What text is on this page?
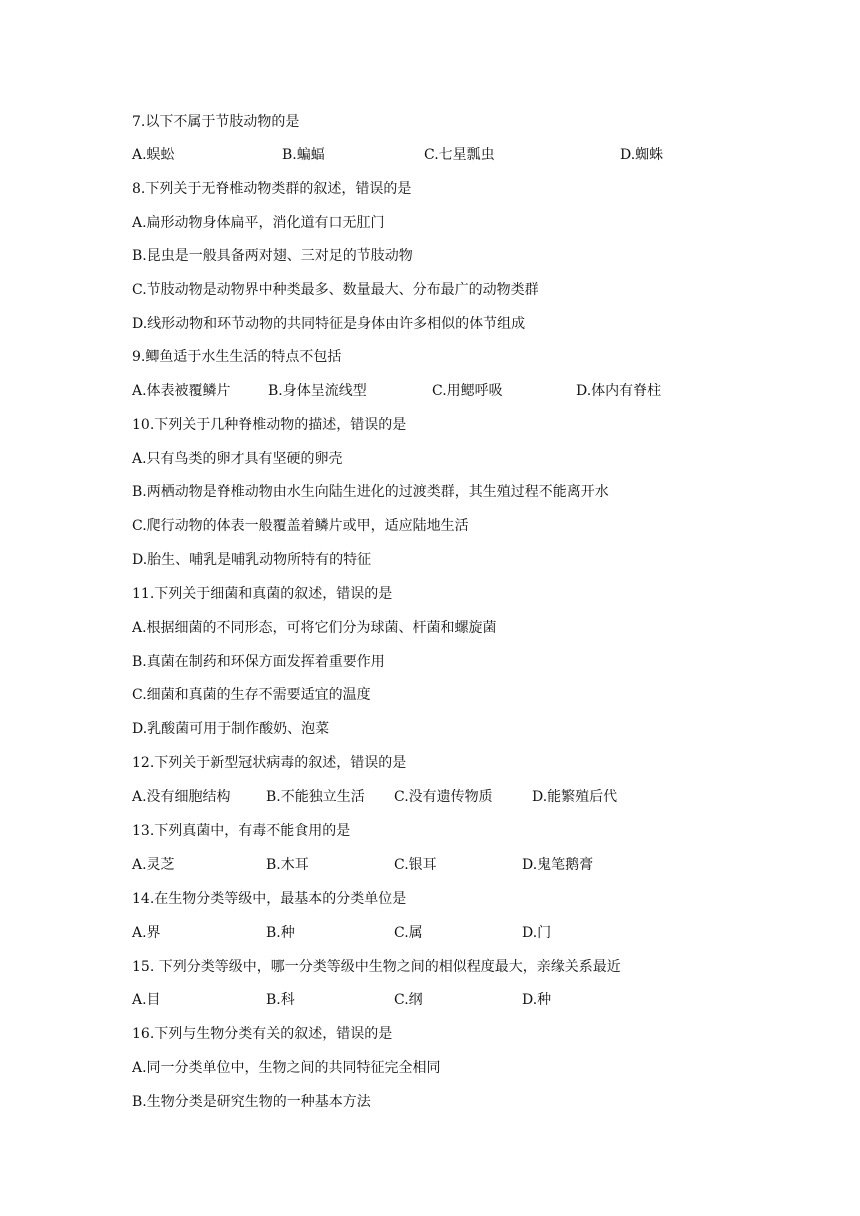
7.以下不属于节肢动物的是
A.蜈蚣	B.蝙蝠	C.七星瓢虫	D.蜘蛛
8.下列关于无脊椎动物类群的叙述，错误的是
A.扁形动物身体扁平，消化道有口无肛门
B.昆虫是一般具备两对翅、三对足的节肢动物
C.节肢动物是动物界中种类最多、数量最大、分布最广的动物类群
D.线形动物和环节动物的共同特征是身体由许多相似的体节组成
9.鲫鱼适于水生生活的特点不包括
A.体表被覆鳞片	B.身体呈流线型	C.用鳃呼吸	D.体内有脊柱
10.下列关于几种脊椎动物的描述，错误的是
A.只有鸟类的卵才具有坚硬的卵壳
B.两栖动物是脊椎动物由水生向陆生进化的过渡类群，其生殖过程不能离开水
C.爬行动物的体表一般覆盖着鳞片或甲，适应陆地生活
D.胎生、哺乳是哺乳动物所特有的特征
11.下列关于细菌和真菌的叙述，错误的是
A.根据细菌的不同形态，可将它们分为球菌、杆菌和螺旋菌
B.真菌在制药和环保方面发挥着重要作用
C.细菌和真菌的生存不需要适宜的温度
D.乳酸菌可用于制作酸奶、泡菜
12.下列关于新型冠状病毒的叙述，错误的是
A.没有细胞结构	B.不能独立生活 C.没有遗传物质	D.能繁殖后代
13.下列真菌中，有毒不能食用的是
A.灵芝	B.木耳	C.银耳	D.鬼笔鹅膏
14.在生物分类等级中，最基本的分类单位是
A.界	B.种	C.属	D.门
15. 下列分类等级中，哪一分类等级中生物之间的相似程度最大，亲缘关系最近
A.目	B.科	C.纲	D.种
16.下列与生物分类有关的叙述，错误的是
A.同一分类单位中，生物之间的共同特征完全相同
B.生物分类是研究生物的一种基本方法
